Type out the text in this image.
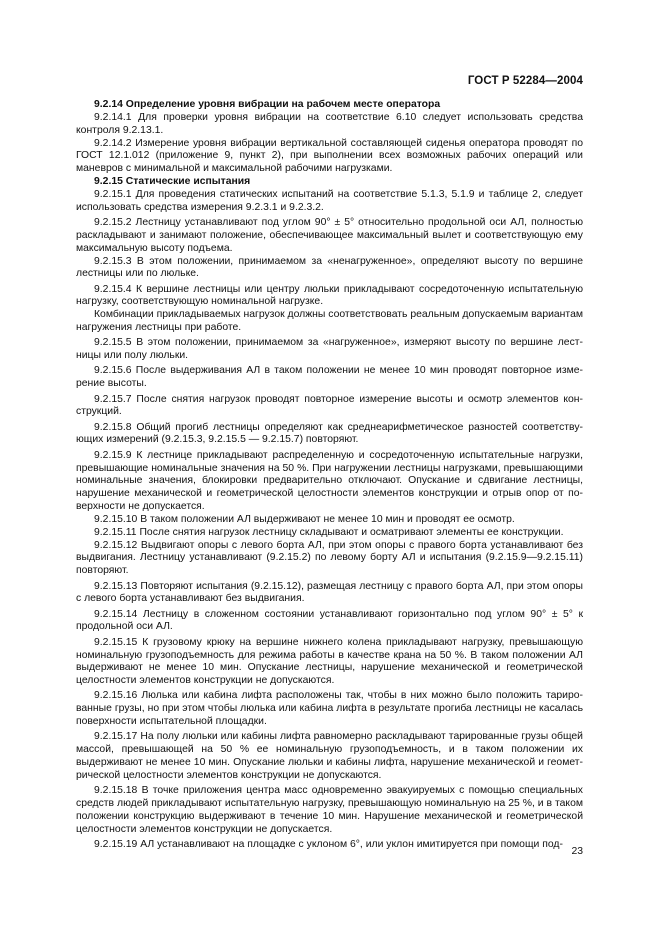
ГОСТ Р 52284—2004

9.2.14 Определение уровня вибрации на рабочем месте оператора

9.2.14.1 Для проверки уровня вибрации на соответствие 6.10 следует использовать средства контроля 9.2.13.1.

9.2.14.2 Измерение уровня вибрации вертикальной составляющей сиденья оператора проводят по ГОСТ 12.1.012 (приложение 9, пункт 2), при выполнении всех возможных рабочих операций или маневров с минимальной и максимальной рабочими нагрузками.

9.2.15 Статические испытания

9.2.15.1 Для проведения статических испытаний на соответствие 5.1.3, 5.1.9 и таблице 2, следует использовать средства измерения 9.2.3.1 и 9.2.3.2.

9.2.15.2 Лестницу устанавливают под углом 90° ± 5° относительно продольной оси АЛ, полностью раскладывают и занимают положение, обеспечивающее максимальный вылет и соответствующую ему максимальную высоту подъема.

9.2.15.3 В этом положении, принимаемом за «ненагруженное», определяют высоту по вершине лестницы или по люльке.

9.2.15.4 К вершине лестницы или центру люльки прикладывают сосредоточенную испытательную нагрузку, соответствующую номинальной нагрузке.

Комбинации прикладываемых нагрузок должны соответствовать реальным допускаемым вариантам нагружения лестницы при работе.

9.2.15.5 В этом положении, принимаемом за «нагруженное», измеряют высоту по вершине лестницы или полу люльки.

9.2.15.6 После выдерживания АЛ в таком положении не менее 10 мин проводят повторное измерение высоты.

9.2.15.7 После снятия нагрузок проводят повторное измерение высоты и осмотр элементов конструкций.

9.2.15.8 Общий прогиб лестницы определяют как среднеарифметическое разностей соответствующих измерений (9.2.15.3, 9.2.15.5 — 9.2.15.7) повторяют.

9.2.15.9 К лестнице прикладывают распределенную и сосредоточенную испытательные нагрузки, превышающие номинальные значения на 50 %. При нагружении лестницы нагрузками, превышающими номинальные значения, блокировки предварительно отключают. Опускание и сдвигание лестницы, нарушение механической и геометрической целостности элементов конструкции и отрыв опор от поверхности не допускается.

9.2.15.10 В таком положении АЛ выдерживают не менее 10 мин и проводят ее осмотр.

9.2.15.11 После снятия нагрузок лестницу складывают и осматривают элементы ее конструкции.

9.2.15.12 Выдвигают опоры с левого борта АЛ, при этом опоры с правого борта устанавливают без выдвигания. Лестницу устанавливают (9.2.15.2) по левому борту АЛ и испытания (9.2.15.9—9.2.15.11) повторяют.

9.2.15.13 Повторяют испытания (9.2.15.12), размещая лестницу с правого борта АЛ, при этом опоры с левого борта устанавливают без выдвигания.

9.2.15.14 Лестницу в сложенном состоянии устанавливают горизонтально под углом 90° ± 5° к продольной оси АЛ.

9.2.15.15 К грузовому крюку на вершине нижнего колена прикладывают нагрузку, превышающую номинальную грузоподъемность для режима работы в качестве крана на 50 %. В таком положении АЛ выдерживают не менее 10 мин. Опускание лестницы, нарушение механической и геометрической целостности элементов конструкции не допускаются.

9.2.15.16 Люлька или кабина лифта расположены так, чтобы в них можно было положить тарированные грузы, но при этом чтобы люлька или кабина лифта в результате прогиба лестницы не касалась поверхности испытательной площадки.

9.2.15.17 На полу люльки или кабины лифта равномерно раскладывают тарированные грузы общей массой, превышающей на 50 % ее номинальную грузоподъемность, и в таком положении их выдерживают не менее 10 мин. Опускание люльки и кабины лифта, нарушение механической и геометрической целостности элементов конструкции не допускаются.

9.2.15.18 В точке приложения центра масс одновременно эвакуируемых с помощью специальных средств людей прикладывают испытательную нагрузку, превышающую номинальную на 25 %, и в таком положении конструкцию выдерживают в течение 10 мин. Нарушение механической и геометрической целостности элементов конструкции не допускается.

9.2.15.19 АЛ устанавливают на площадке с уклоном 6°, или уклон имитируется при помощи под-

23
